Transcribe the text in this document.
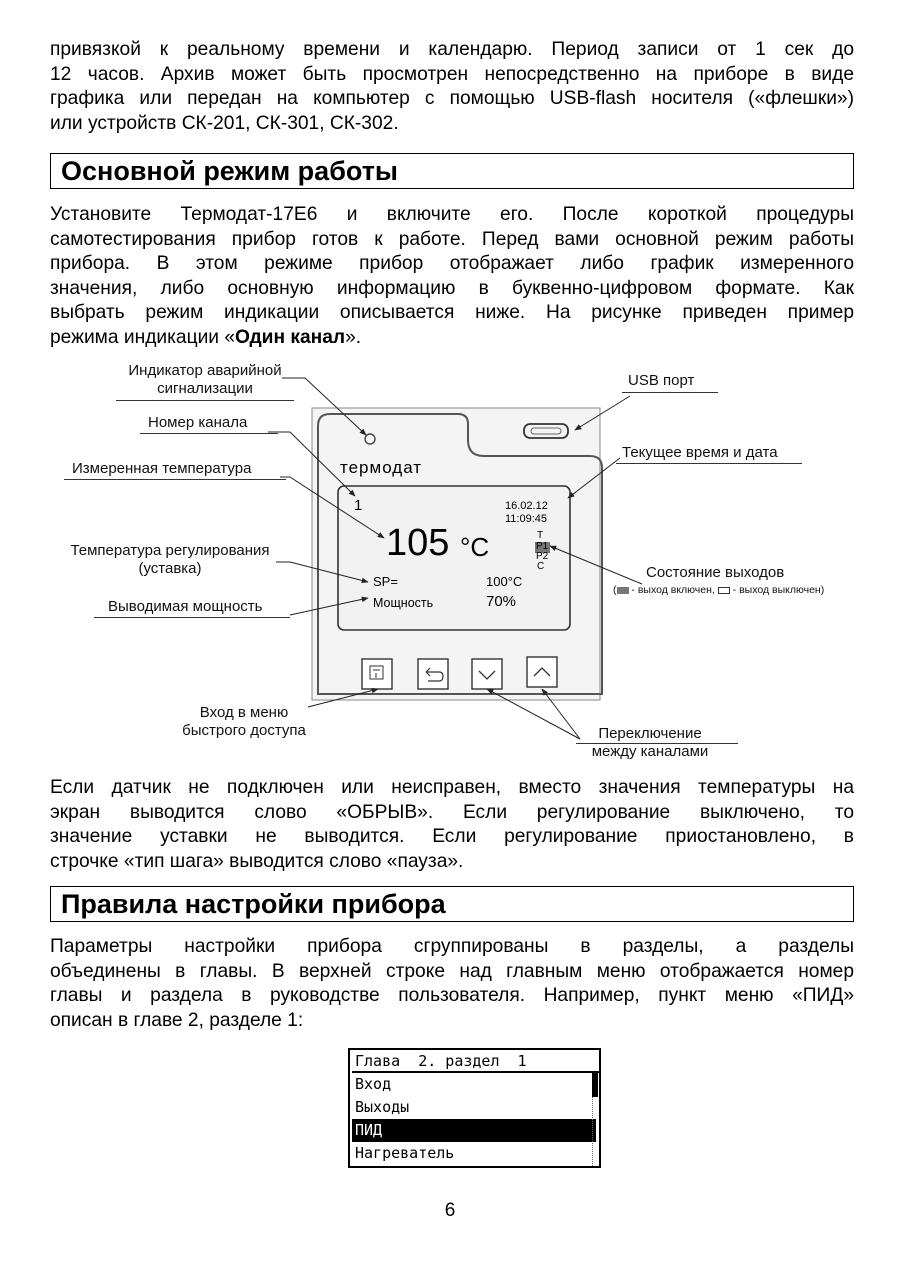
привязкой к реальному времени и календарю. Период записи от 1 сек до
12 часов. Архив может быть просмотрен непосредственно на приборе в виде
графика или передан на компьютер с помощью USB-flash носителя («флешки»)
или устройств СК-201, СК-301, СК-302.
Основной режим работы
Установите Термодат-17Е6 и включите его. После короткой процедуры
самотестирования прибор готов к работе. Перед вами основной режим работы
прибора. В этом режиме прибор отображает либо график измеренного
значения, либо основную информацию в буквенно-цифровом формате. Как
выбрать режим индикации описывается ниже. На рисунке приведен пример
режима индикации «Один канал».
Индикатор аварийной
сигнализации
Номер канала
Измеренная температура
Температура регулирования
(уставка)
Выводимая мощность
Вход в меню
быстрого доступа
USB порт
Текущее время и дата
Состояние выходов
( - выход включен,  - выход выключен)
Переключение
между каналами
термодат
1	16.02.12
11:09:45
105 °C	T
P1
P2
C
SP=	100°C
Мощность	70%
Если датчик не подключен или неисправен, вместо значения температуры на
экран выводится слово «ОБРЫВ». Если регулирование выключено, то
значение уставки не выводится. Если регулирование приостановлено, в
строчке «тип шага» выводится слово «пауза».
Правила настройки прибора
Параметры настройки прибора сгруппированы в разделы, а разделы
объединены в главы. В верхней строке над главным меню отображается номер
главы и раздела в руководстве пользователя. Например, пункт меню «ПИД»
описан в главе 2, разделе 1:
Глава  2. раздел  1
Вход
Выходы
ПИД
Нагреватель
6
